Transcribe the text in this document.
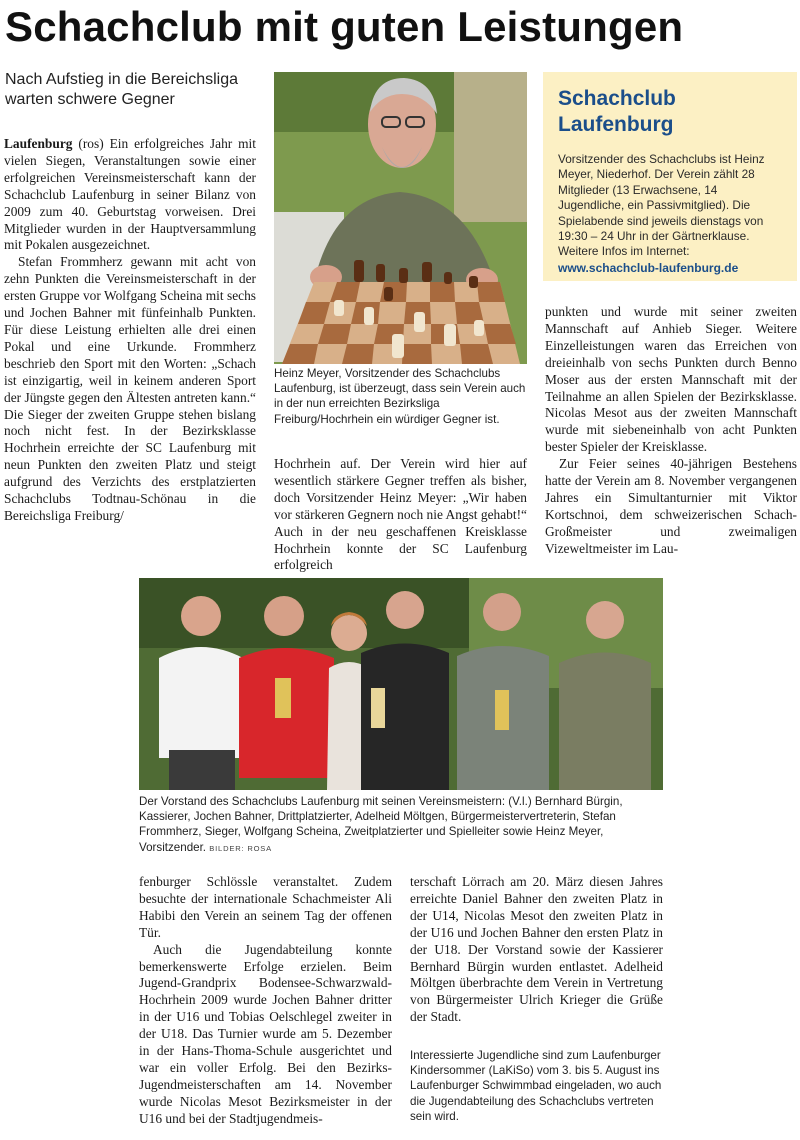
Schachclub mit guten Leistungen
Nach Aufstieg in die Bereichsliga warten schwere Gegner

Laufenburg (ros) Ein erfolgreiches Jahr mit vielen Siegen, Veranstaltungen sowie einer erfolgreichen Vereinsmeisterschaft kann der Schachclub Laufenburg in seiner Bilanz von 2009 zum 40. Geburtstag vorweisen. Drei Mitglieder wurden in der Hauptversammlung mit Pokalen ausgezeichnet.

Stefan Frommherz gewann mit acht von zehn Punkten die Vereinsmeisterschaft in der ersten Gruppe vor Wolfgang Scheina mit sechs und Jochen Bahner mit fünfeinhalb Punkten. Für diese Leistung erhielten alle drei einen Pokal und eine Urkunde. Frommherz beschrieb den Sport mit den Worten: „Schach ist einzigartig, weil in keinem anderen Sport der Jüngste gegen den Ältesten antreten kann.“ Die Sieger der zweiten Gruppe stehen bislang noch nicht fest. In der Bezirksklasse Hochrhein erreichte der SC Laufenburg mit neun Punkten den zweiten Platz und steigt aufgrund des Verzichts des erstplatzierten Schachclubs Todtnau-Schönau in die Bereichsliga Freiburg/

Heinz Meyer, Vorsitzender des Schachclubs Laufenburg, ist überzeugt, dass sein Verein auch in der nun erreichten Bezirksliga Freiburg/Hochrhein ein würdiger Gegner ist.

Schachclub Laufenburg

Vorsitzender des Schachclubs ist Heinz Meyer, Niederhof. Der Verein zählt 28 Mitglieder (13 Erwachsene, 14 Jugendliche, ein Passivmitglied). Die Spielabende sind jeweils dienstags von 19:30 – 24 Uhr in der Gärtnerklause. Weitere Infos im Internet:

www.schachclub-laufenburg.de

Hochrhein auf. Der Verein wird hier auf wesentlich stärkere Gegner treffen als bisher, doch Vorsitzender Heinz Meyer: „Wir haben vor stärkeren Gegnern noch nie Angst gehabt!“ Auch in der neu geschaffenen Kreisklasse Hochrhein konnte der SC Laufenburg erfolgreich

punkten und wurde mit seiner zweiten Mannschaft auf Anhieb Sieger. Weitere Einzelleistungen waren das Erreichen von dreieinhalb von sechs Punkten durch Benno Moser aus der ersten Mannschaft mit der Teilnahme an allen Spielen der Bezirksklasse. Nicolas Mesot aus der zweiten Mannschaft wurde mit siebeneinhalb von acht Punkten bester Spieler der Kreisklasse.

Zur Feier seines 40-jährigen Bestehens hatte der Verein am 8. November vergangenen Jahres ein Simultanturnier mit Viktor Kortschnoi, dem schweizerischen Schach-Großmeister und zweimaligen Vizeweltmeister im Lau-

Der Vorstand des Schachclubs Laufenburg mit seinen Vereinsmeistern: (V.l.) Bernhard Bürgin, Kassierer, Jochen Bahner, Drittplatzierter, Adelheid Möltgen, Bürgermeistervertreterin, Stefan Frommherz, Sieger, Wolfgang Scheina, Zweitplatzierter und Spielleiter sowie Heinz Meyer, Vorsitzender. BILDER: ROSA

fenburger Schlössle veranstaltet. Zudem besuchte der internationale Schachmeister Ali Habibi den Verein an seinem Tag der offenen Tür.

Auch die Jugendabteilung konnte bemerkenswerte Erfolge erzielen. Beim Jugend-Grandprix Bodensee-Schwarzwald-Hochrhein 2009 wurde Jochen Bahner dritter in der U16 und Tobias Oelschlegel zweiter in der U18. Das Turnier wurde am 5. Dezember in der Hans-Thoma-Schule ausgerichtet und war ein voller Erfolg. Bei den Bezirks-Jugendmeisterschaften am 14. November wurde Nicolas Mesot Bezirksmeister in der U16 und bei der Stadtjugendmeis-

terschaft Lörrach am 20. März diesen Jahres erreichte Daniel Bahner den zweiten Platz in der U14, Nicolas Mesot den zweiten Platz in der U16 und Jochen Bahner den ersten Platz in der U18. Der Vorstand sowie der Kassierer Bernhard Bürgin wurden entlastet. Adelheid Möltgen überbrachte dem Verein in Vertretung von Bürgermeister Ulrich Krieger die Grüße der Stadt.

Interessierte Jugendliche sind zum Laufenburger Kindersommer (LaKiSo) vom 3. bis 5. August ins Laufenburger Schwimmbad eingeladen, wo auch die Jugendabteilung des Schachclubs vertreten sein wird.
